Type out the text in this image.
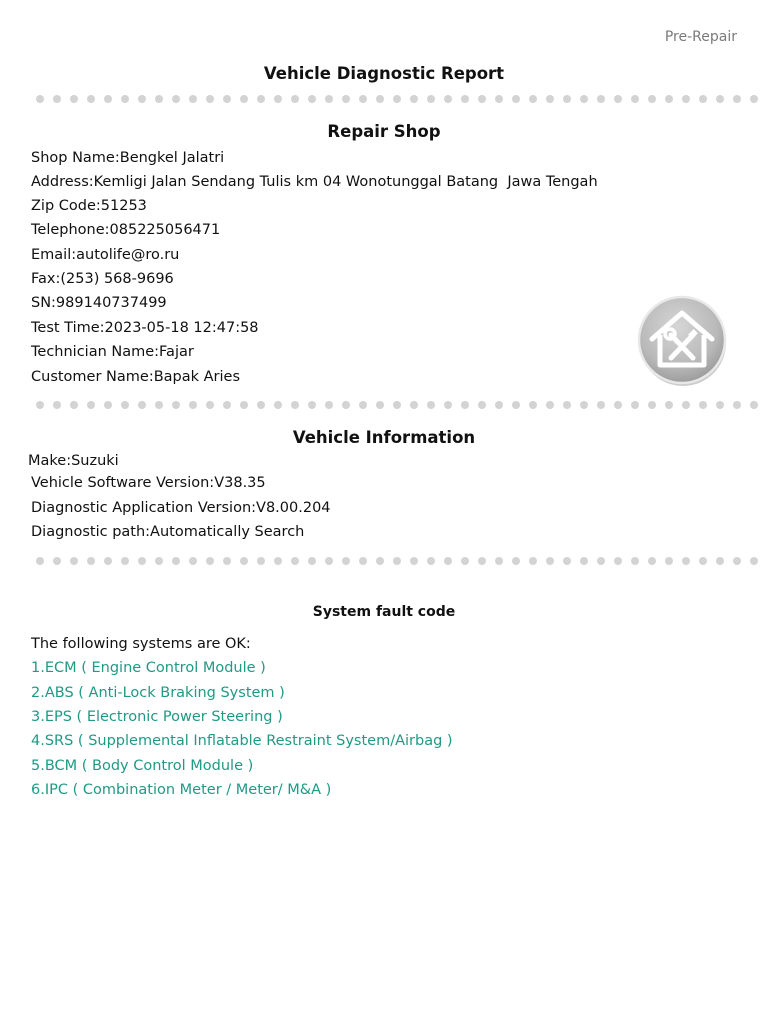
Pre-Repair
Vehicle Diagnostic Report
Repair Shop
Shop Name:Bengkel Jalatri
Address:Kemligi Jalan Sendang Tulis km 04 Wonotunggal Batang  Jawa Tengah
Zip Code:51253
Telephone:085225056471
Email:autolife@ro.ru
Fax:(253) 568-9696
SN:989140737499
Test Time:2023-05-18 12:47:58
Technician Name:Fajar
Customer Name:Bapak Aries
Vehicle Information
Make:Suzuki
Vehicle Software Version:V38.35
Diagnostic Application Version:V8.00.204
Diagnostic path:Automatically Search
System fault code
The following systems are OK:
1.ECM ( Engine Control Module )
2.ABS ( Anti-Lock Braking System )
3.EPS ( Electronic Power Steering )
4.SRS ( Supplemental Inflatable Restraint System/Airbag )
5.BCM ( Body Control Module )
6.IPC ( Combination Meter / Meter/ M&A )
